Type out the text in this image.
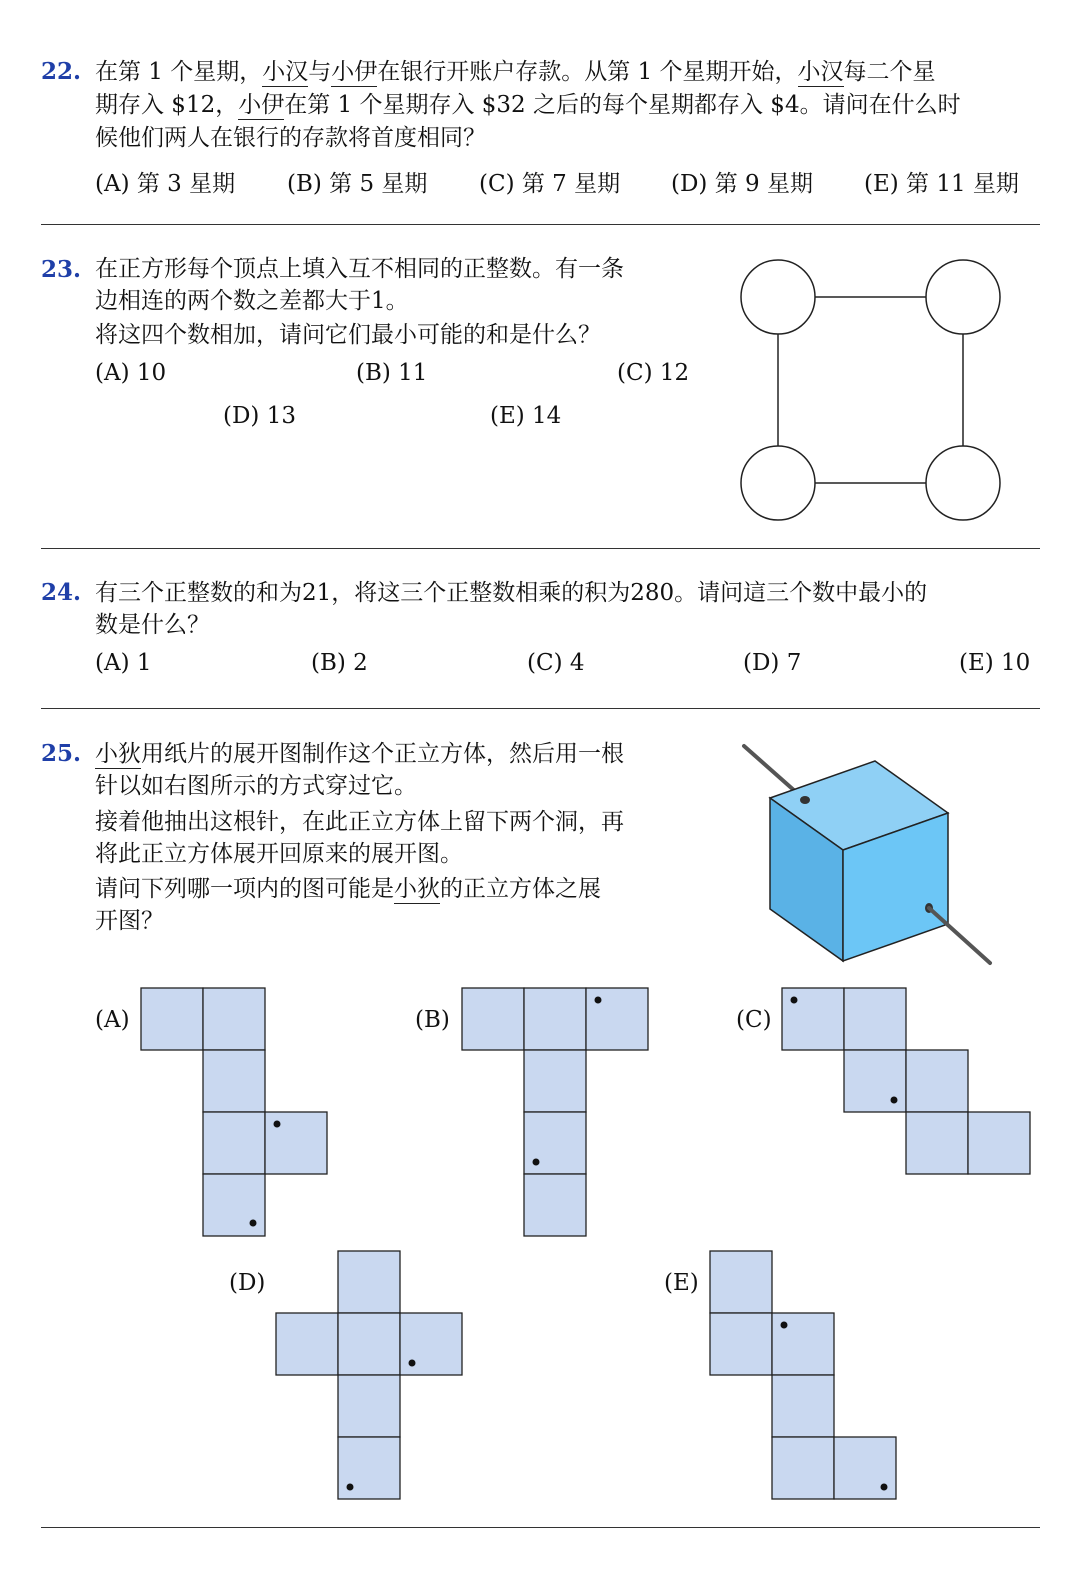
22. 在第 1 个星期，小汉与小伊在银行开账户存款。从第 1 个星期开始，小汉每二个星
期存入 $12，小伊在第 1 个星期存入 $32 之后的每个星期都存入 $4。请问在什么时
候他们两人在银行的存款将首度相同？
(A) 第 3 星期 (B) 第 5 星期 (C) 第 7 星期 (D) 第 9 星期 (E) 第 11 星期
23. 在正方形每个顶点上填入互不相同的正整数。有一条
边相连的两个数之差都大于1。
将这四个数相加，请问它们最小可能的和是什么？
(A) 10	(B) 11	(C) 12
(D) 13	(E) 14
24. 有三个正整数的和为21，将这三个正整数相乘的积为280。请问這三个数中最小的
数是什么？
(A) 1	(B) 2	(C) 4	(D) 7	(E) 10
25. 小狄用纸片的展开图制作这个正立方体，然后用一根
针以如右图所示的方式穿过它。
接着他抽出这根针，在此正立方体上留下两个洞，再
将此正立方体展开回原来的展开图。
请问下列哪一项内的图可能是小狄的正立方体之展
开图？
(A)	(B)	(C)
(D)	(E)
